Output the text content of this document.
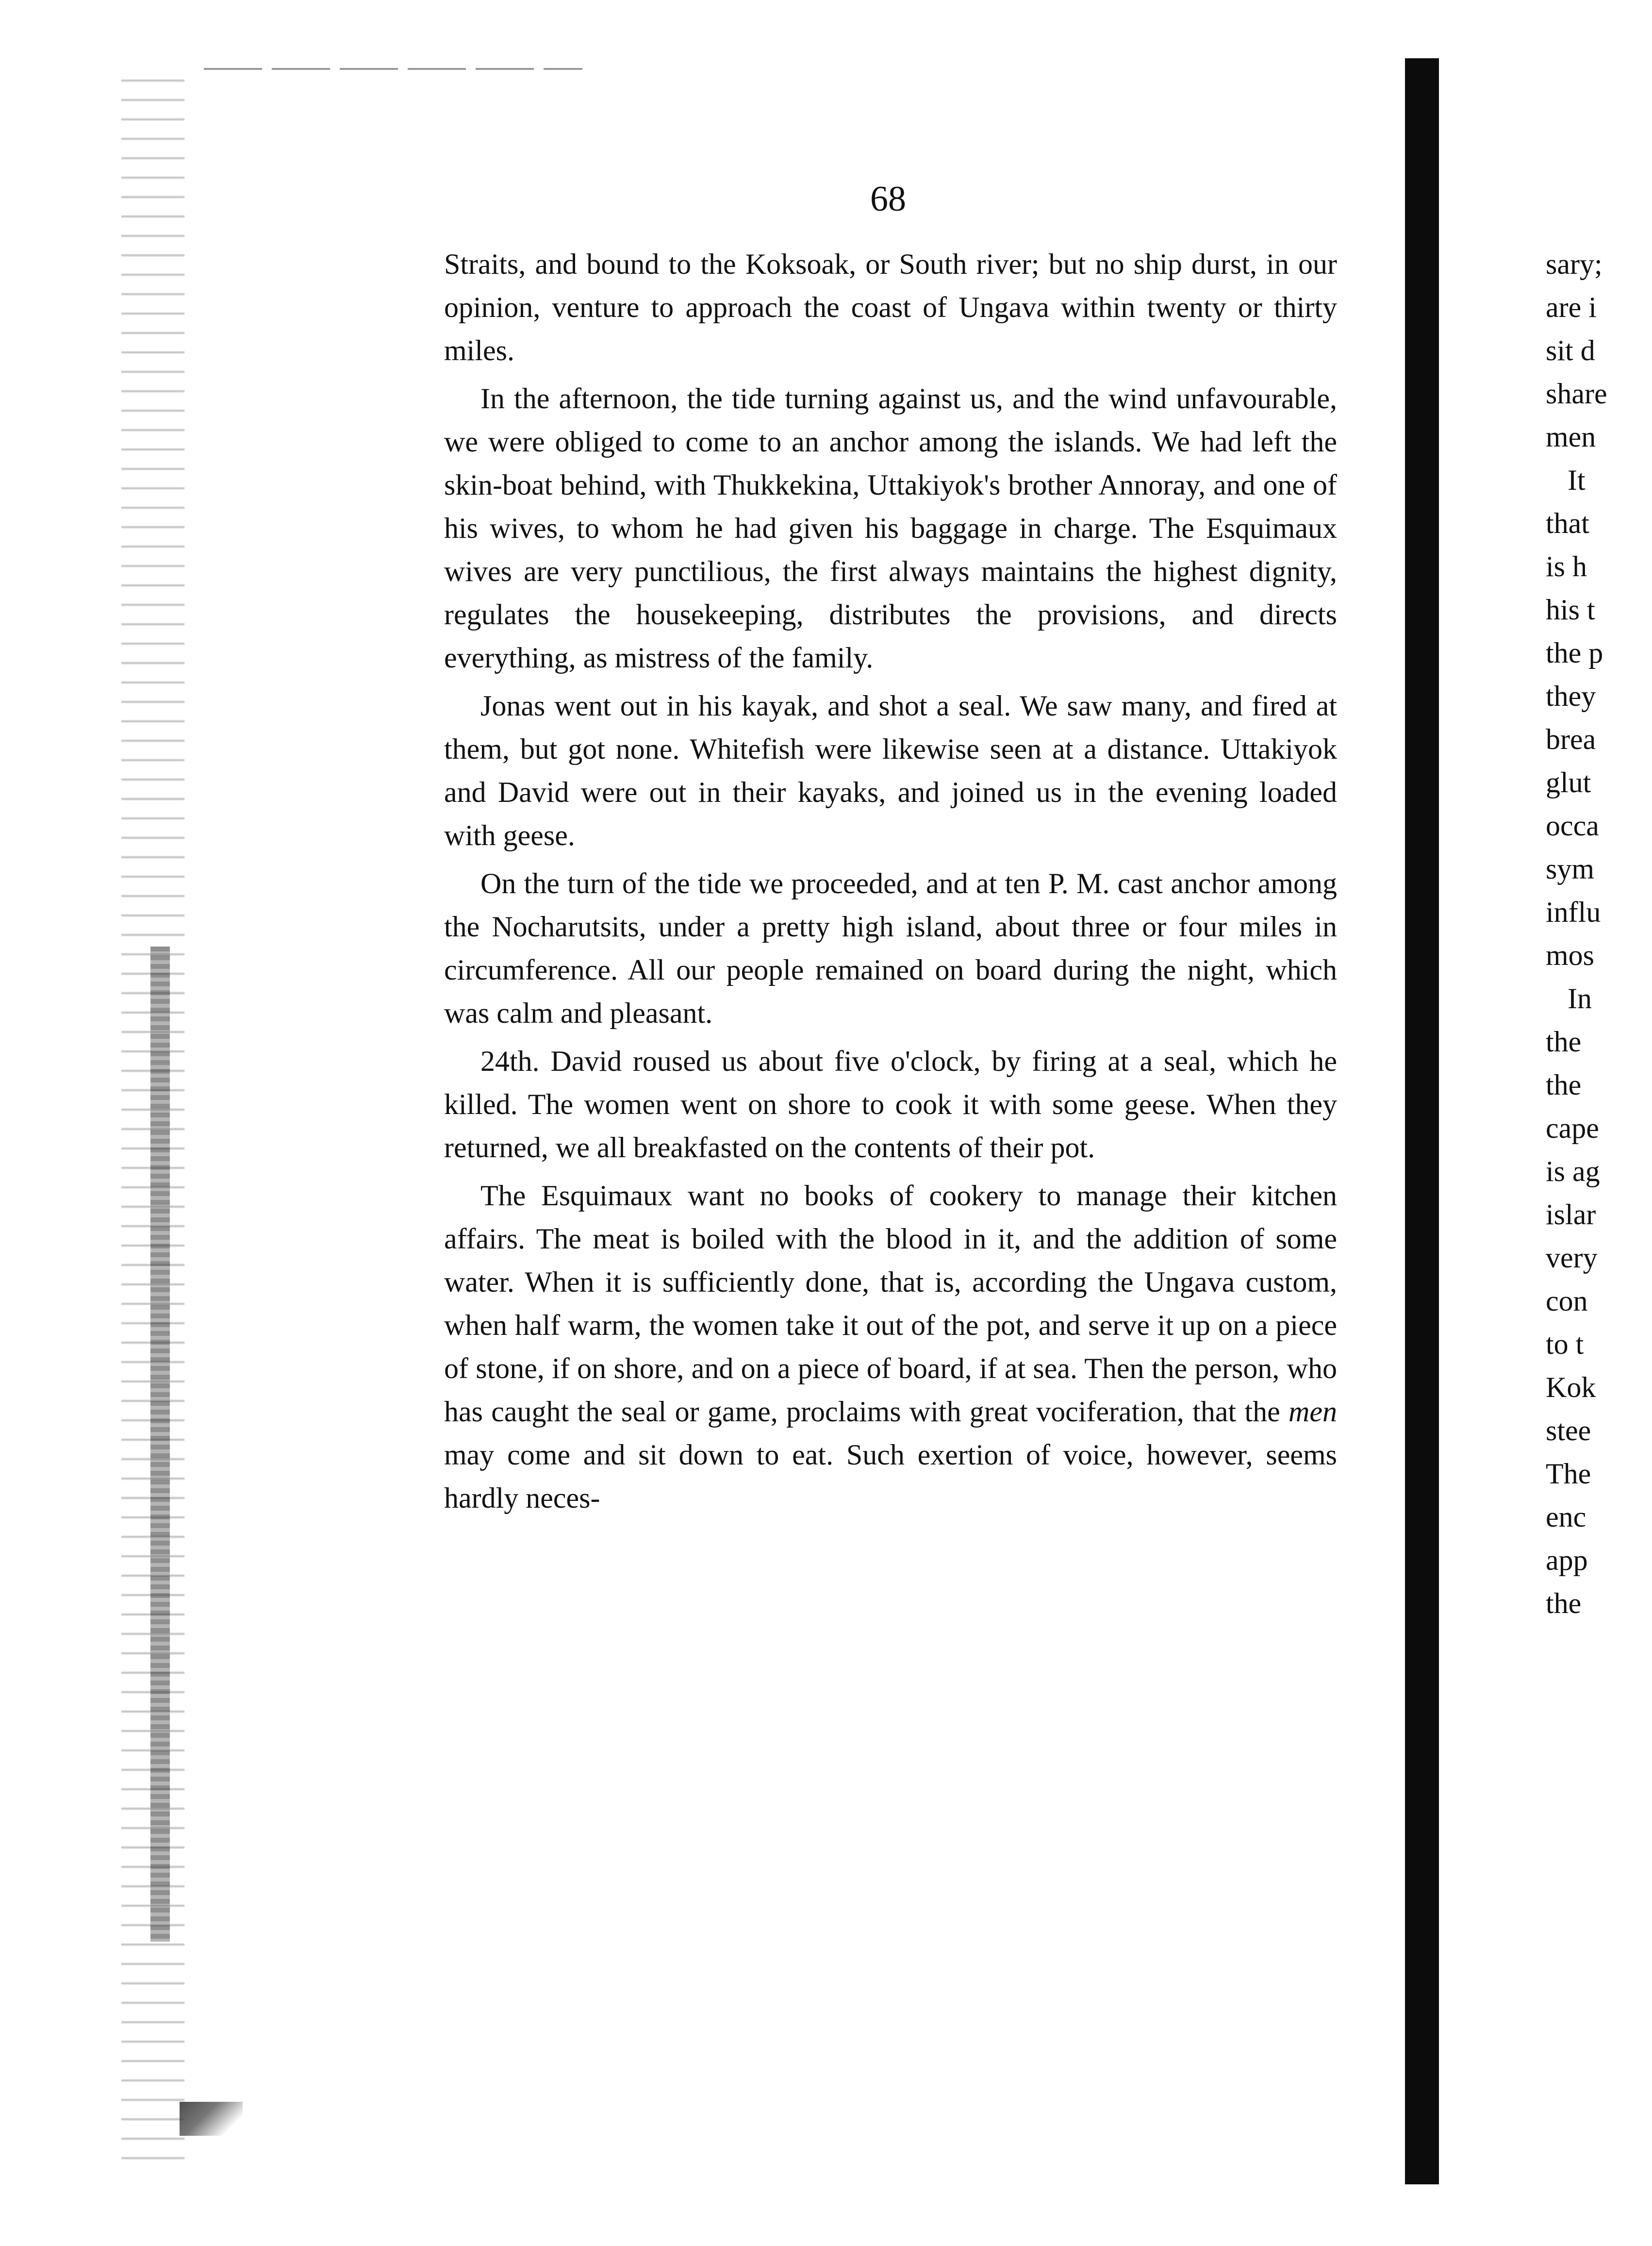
68

Straits, and bound to the Koksoak, or South river; but no ship durst, in our opinion, venture to approach the coast of Ungava within twenty or thirty miles.

In the afternoon, the tide turning against us, and the wind unfavourable, we were obliged to come to an anchor among the islands. We had left the skin-boat behind, with Thukkekina, Uttakiyok's brother Annoray, and one of his wives, to whom he had given his baggage in charge. The Esquimaux wives are very punctilious, the first always maintains the highest dignity, regulates the housekeeping, distributes the provisions, and directs everything, as mistress of the family.

Jonas went out in his kayak, and shot a seal. We saw many, and fired at them, but got none. Whitefish were likewise seen at a distance. Uttakiyok and David were out in their kayaks, and joined us in the evening loaded with geese.

On the turn of the tide we proceeded, and at ten P. M. cast anchor among the Nocharutsits, under a pretty high island, about three or four miles in circumference. All our people remained on board during the night, which was calm and pleasant.

24th. David roused us about five o'clock, by firing at a seal, which he killed. The women went on shore to cook it with some geese. When they returned, we all breakfasted on the contents of their pot.

The Esquimaux want no books of cookery to manage their kitchen affairs. The meat is boiled with the blood in it, and the addition of some water. When it is sufficiently done, that is, according the Ungava custom, when half warm, the women take it out of the pot, and serve it up on a piece of stone, if on shore, and on a piece of board, if at sea. Then the person, who has caught the seal or game, proclaims with great vociferation, that the men may come and sit down to eat. Such exertion of voice, however, seems hardly neces-

sary;
are i
sit d
share
men
It
that
is h
his t
the p
they
brea
glut
occa
sym
influ
mos
In
the
the
cape
is ag
islar
very
con
to t
Kok
stee
The
enc
app
the
